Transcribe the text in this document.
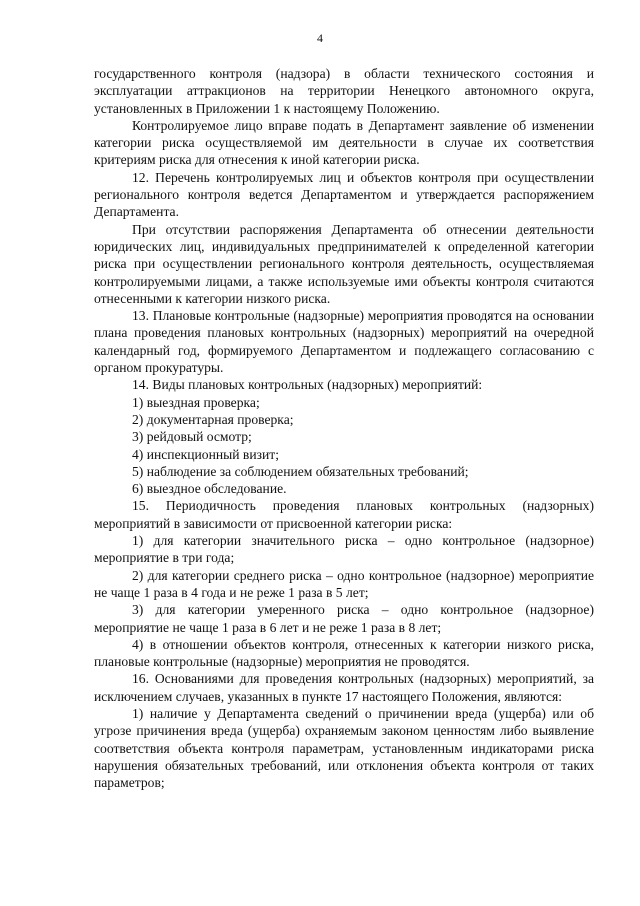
4

государственного контроля (надзора) в области технического состояния и эксплуатации аттракционов на территории Ненецкого автономного округа, установленных в Приложении 1 к настоящему Положению.

Контролируемое лицо вправе подать в Департамент заявление об изменении категории риска осуществляемой им деятельности в случае их соответствия критериям риска для отнесения к иной категории риска.

12. Перечень контролируемых лиц и объектов контроля при осуществлении регионального контроля ведется Департаментом и утверждается распоряжением Департамента.

При отсутствии распоряжения Департамента об отнесении деятельности юридических лиц, индивидуальных предпринимателей к определенной категории риска при осуществлении регионального контроля деятельность, осуществляемая контролируемыми лицами, а также используемые ими объекты контроля считаются отнесенными к категории низкого риска.

13. Плановые контрольные (надзорные) мероприятия проводятся на основании плана проведения плановых контрольных (надзорных) мероприятий на очередной календарный год, формируемого Департаментом и подлежащего согласованию с органом прокуратуры.

14. Виды плановых контрольных (надзорных) мероприятий:

1) выездная проверка;

2) документарная проверка;

3) рейдовый осмотр;

4) инспекционный визит;

5) наблюдение за соблюдением обязательных требований;

6) выездное обследование.

15. Периодичность проведения плановых контрольных (надзорных) мероприятий в зависимости от присвоенной категории риска:

1) для категории значительного риска – одно контрольное (надзорное) мероприятие в три года;

2) для категории среднего риска – одно контрольное (надзорное) мероприятие не чаще 1 раза в 4 года и не реже 1 раза в 5 лет;

3) для категории умеренного риска – одно контрольное (надзорное) мероприятие не чаще 1 раза в 6 лет и не реже 1 раза в 8 лет;

4) в отношении объектов контроля, отнесенных к категории низкого риска, плановые контрольные (надзорные) мероприятия не проводятся.

16. Основаниями для проведения контрольных (надзорных) мероприятий, за исключением случаев, указанных в пункте 17 настоящего Положения, являются:

1) наличие у Департамента сведений о причинении вреда (ущерба) или об угрозе причинения вреда (ущерба) охраняемым законом ценностям либо выявление соответствия объекта контроля параметрам, установленным индикаторами риска нарушения обязательных требований, или отклонения объекта контроля от таких параметров;
